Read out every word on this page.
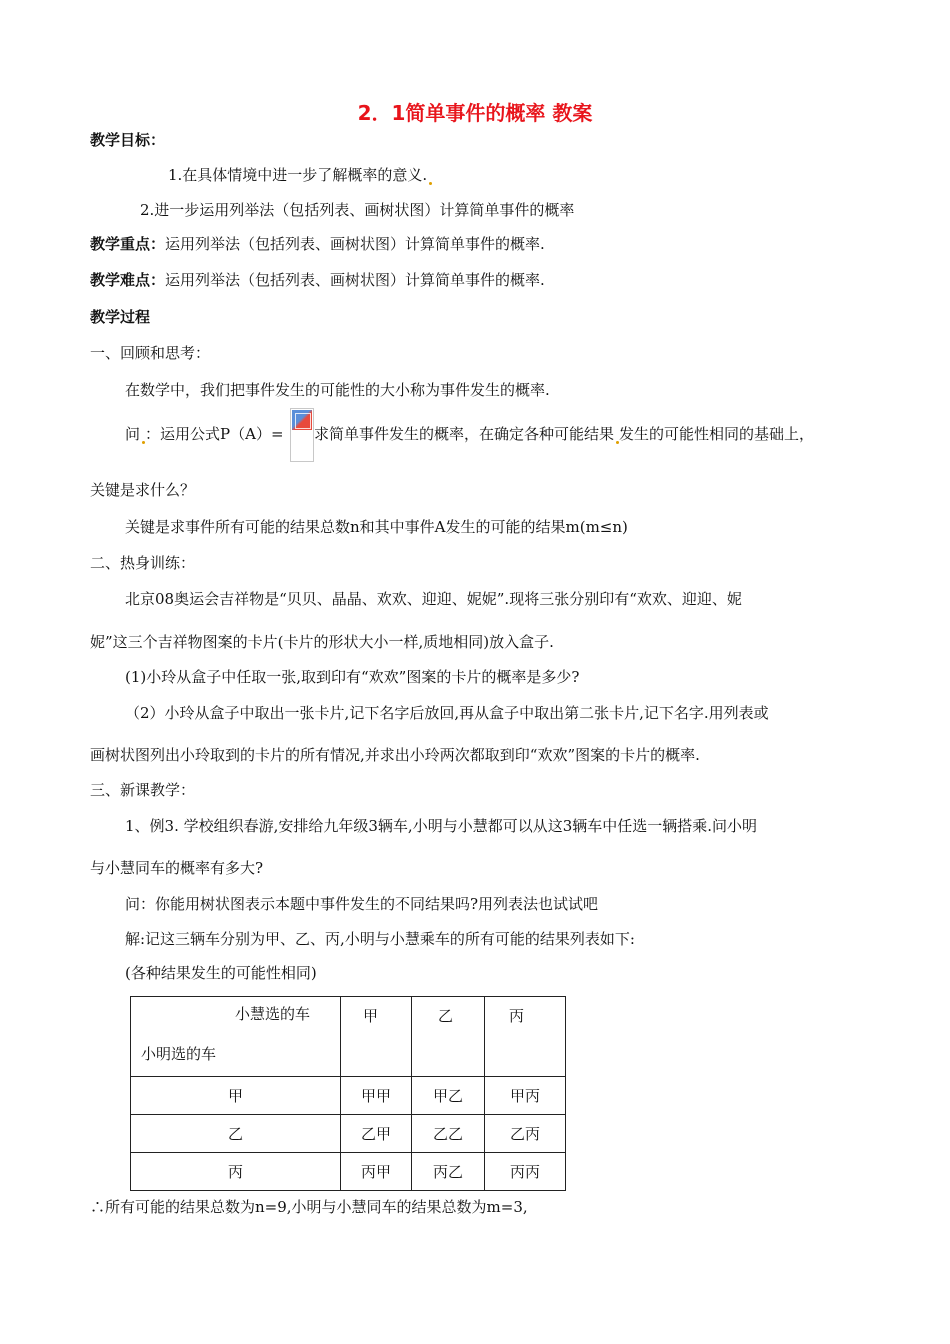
2．1简单事件的概率 教案
教学目标：
1.在具体情境中进一步了解概率的意义.
2.进一步运用列举法（包括列表、画树状图）计算简单事件的概率
教学重点：运用列举法（包括列表、画树状图）计算简单事件的概率.
教学难点：运用列举法（包括列表、画树状图）计算简单事件的概率.
教学过程
一、回顾和思考：
在数学中，我们把事件发生的可能性的大小称为事件发生的概率.
问 ：运用公式P（A）= 求简单事件发生的概率，在确定各种可能结果 发生的可能性相同的基础上，
关键是求什么？
关键是求事件所有可能的结果总数n和其中事件A发生的可能的结果m(m≤n)
二、热身训练：
北京08奥运会吉祥物是“贝贝、晶晶、欢欢、迎迎、妮妮”.现将三张分别印有“欢欢、迎迎、妮
妮”这三个吉祥物图案的卡片(卡片的形状大小一样,质地相同)放入盒子.
(1)小玲从盒子中任取一张,取到印有“欢欢”图案的卡片的概率是多少?
（2）小玲从盒子中取出一张卡片,记下名字后放回,再从盒子中取出第二张卡片,记下名字.用列表或
画树状图列出小玲取到的卡片的所有情况,并求出小玲两次都取到印“欢欢”图案的卡片的概率.
三、新课教学：
1、例3. 学校组织春游,安排给九年级3辆车,小明与小慧都可以从这3辆车中任选一辆搭乘.问小明
与小慧同车的概率有多大?
问：你能用树状图表示本题中事件发生的不同结果吗?用列表法也试试吧
解:记这三辆车分别为甲、乙、丙,小明与小慧乘车的所有可能的结果列表如下:
(各种结果发生的可能性相同)
小慧选的车
小明选的车	甲	乙	丙

甲	甲甲	甲乙	甲丙

乙	乙甲	乙乙	乙丙

丙	丙甲	丙乙	丙丙
∴所有可能的结果总数为n=9,小明与小慧同车的结果总数为m=3,
